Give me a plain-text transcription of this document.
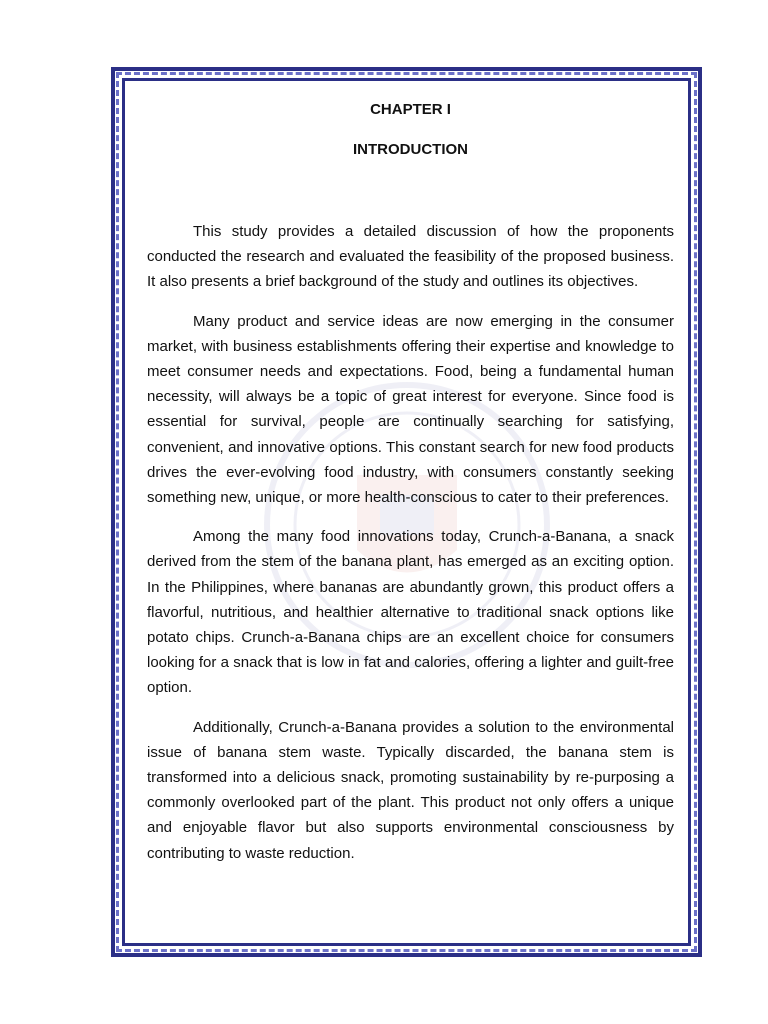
CHAPTER I

INTRODUCTION

This study provides a detailed discussion of how the proponents conducted the research and evaluated the feasibility of the proposed business. It also presents a brief background of the study and outlines its objectives.

Many product and service ideas are now emerging in the consumer market, with business establishments offering their expertise and knowledge to meet consumer needs and expectations. Food, being a fundamental human necessity, will always be a topic of great interest for everyone. Since food is essential for survival, people are continually searching for satisfying, convenient, and innovative options. This constant search for new food products drives the ever-evolving food industry, with consumers constantly seeking something new, unique, or more health-conscious to cater to their preferences.

Among the many food innovations today, Crunch-a-Banana, a snack derived from the stem of the banana plant, has emerged as an exciting option. In the Philippines, where bananas are abundantly grown, this product offers a flavorful, nutritious, and healthier alternative to traditional snack options like potato chips. Crunch-a-Banana chips are an excellent choice for consumers looking for a snack that is low in fat and calories, offering a lighter and guilt-free option.

Additionally, Crunch-a-Banana provides a solution to the environmental issue of banana stem waste. Typically discarded, the banana stem is transformed into a delicious snack, promoting sustainability by re-purposing a commonly overlooked part of the plant. This product not only offers a unique and enjoyable flavor but also supports environmental consciousness by contributing to waste reduction.
